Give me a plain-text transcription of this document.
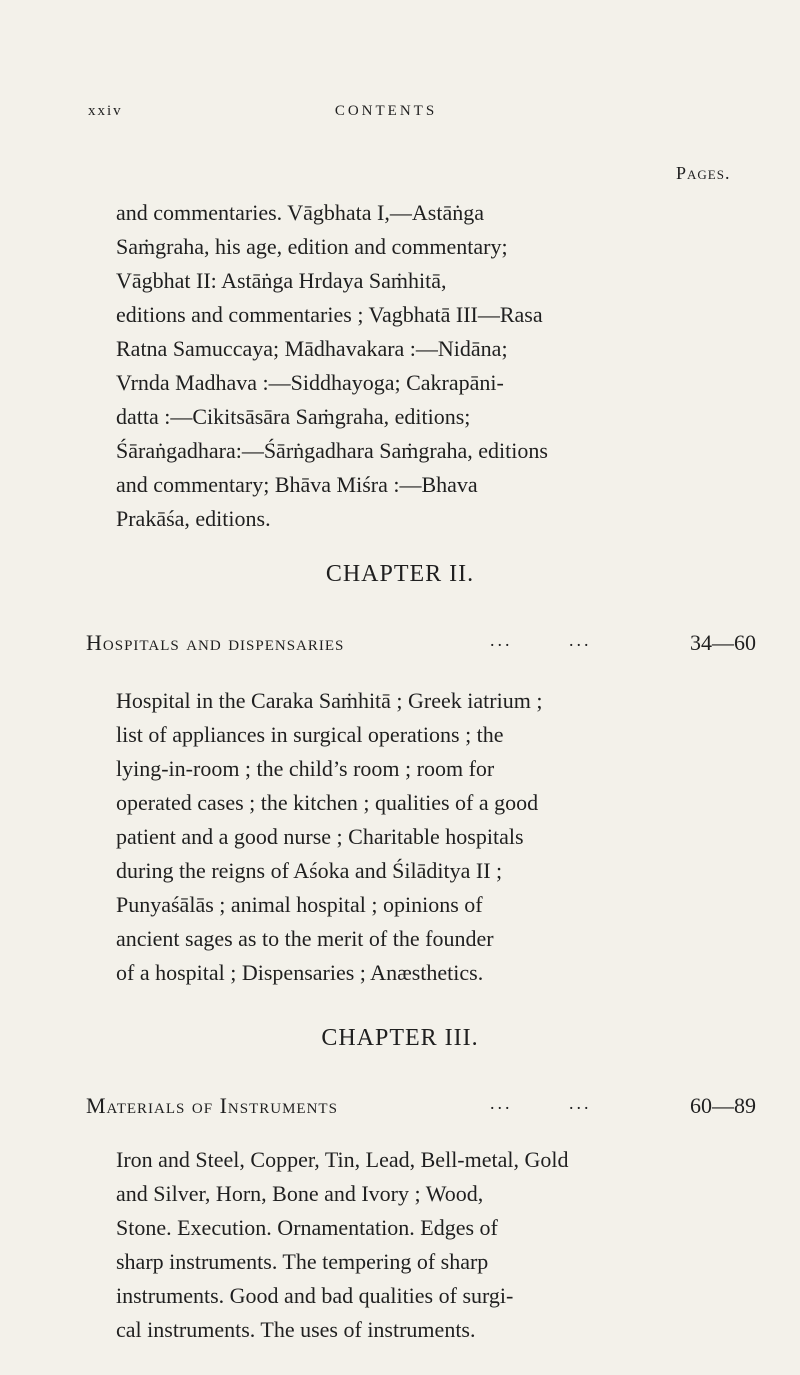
xxiv	CONTENTS
Pages.
and commentaries. Vāgbhata I,—Astāṅga
Saṁgraha, his age, edition and commentary;
Vāgbhat II: Astāṅga Hrdaya Saṁhitā,
editions and commentaries ; Vagbhatā III—Rasa
Ratna Samuccaya; Mādhavakara :—Nidāna;
Vrnda Madhava :—Siddhayoga; Cakrapāni-
datta :—Cikitsāsāra Saṁgraha, editions;
Śāraṅgadhara:—Śārṅgadhara Saṁgraha, editions
and commentary; Bhāva Miśra :—Bhava
Prakāśa, editions.
CHAPTER II.
Hospitals and dispensaries	...	...	34—60
Hospital in the Caraka Saṁhitā ; Greek iatrium ;
list of appliances in surgical operations ; the
lying-in-room ; the child’s room ; room for
operated cases ; the kitchen ; qualities of a good
patient and a good nurse ; Charitable hospitals
during the reigns of Aśoka and Śilāditya II ;
Punyaśālās ; animal hospital ; opinions of
ancient sages as to the merit of the founder
of a hospital ; Dispensaries ; Anæsthetics.
CHAPTER III.
Materials of Instruments	...	...	60—89
Iron and Steel, Copper, Tin, Lead, Bell-metal, Gold
and Silver, Horn, Bone and Ivory ; Wood,
Stone. Execution. Ornamentation. Edges of
sharp instruments. The tempering of sharp
instruments. Good and bad qualities of surgi-
cal instruments. The uses of instruments.
